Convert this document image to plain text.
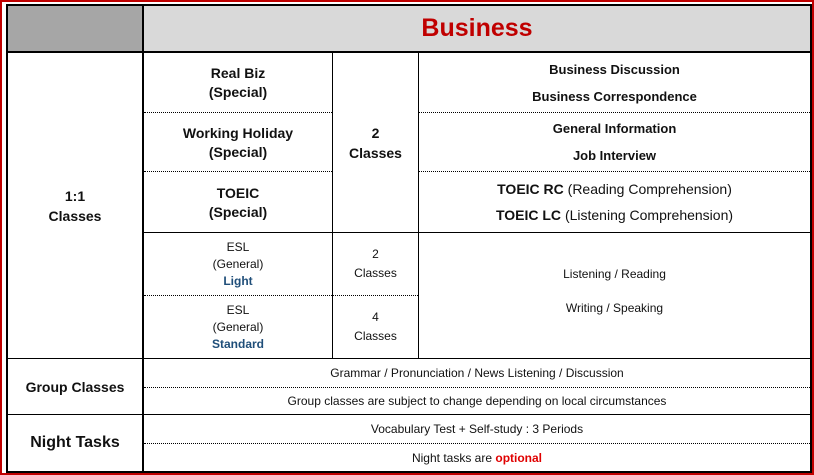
Business
1:1
Classes
Group Classes
Night Tasks
Real Biz
(Special)
Working Holiday
(Special)
TOEIC
(Special)
ESL
(General)
Light
ESL
(General)
Standard
2
Classes
2
Classes
4
Classes
Business Discussion
Business Correspondence
General Information
Job Interview
TOEIC RC
(Reading Comprehension)
TOEIC LC
(Listening Comprehension)
Listening / Reading
Writing / Speaking
Grammar / Pronunciation / News Listening / Discussion
Group classes are subject to change depending on local circumstances
Vocabulary Test + Self-study : 3 Periods
Night tasks are
optional
